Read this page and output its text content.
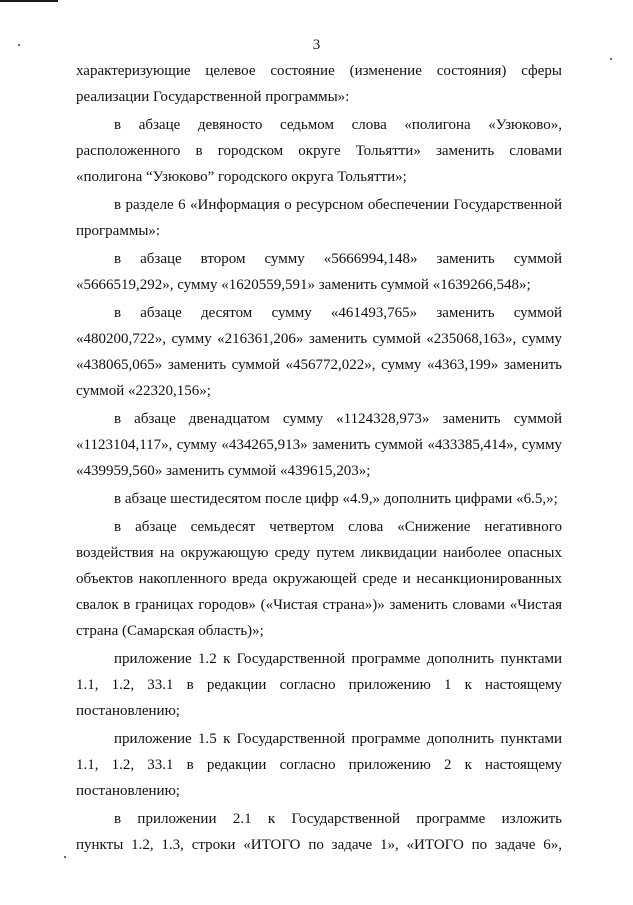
3

характеризующие целевое состояние (изменение состояния) сферы
реализации Государственной программы»:

в абзаце девяносто седьмом слова «полигона «Узюково»,
расположенного в городском округе Тольятти» заменить словами
«полигона “Узюково” городского округа Тольятти»;

в разделе 6 «Информация о ресурсном обеспечении Государственной
программы»:

в абзаце втором сумму «5666994,148» заменить суммой
«5666519,292», сумму «1620559,591» заменить суммой «1639266,548»;

в абзаце десятом сумму «461493,765» заменить суммой
«480200,722», сумму «216361,206» заменить суммой «235068,163», сумму
«438065,065» заменить суммой «456772,022», сумму «4363,199» заменить
суммой «22320,156»;

в абзаце двенадцатом сумму «1124328,973» заменить суммой
«1123104,117», сумму «434265,913» заменить суммой «433385,414», сумму
«439959,560» заменить суммой «439615,203»;

в абзаце шестидесятом после цифр «4.9,» дополнить цифрами «6.5,»;

в абзаце семьдесят четвертом слова «Снижение негативного
воздействия на окружающую среду путем ликвидации наиболее опасных
объектов накопленного вреда окружающей среде и несанкционированных
свалок в границах городов» («Чистая страна»)» заменить словами «Чистая
страна (Самарская область)»;

приложение 1.2 к Государственной программе дополнить пунктами
1.1, 1.2, 33.1 в редакции согласно приложению 1 к настоящему
постановлению;

приложение 1.5 к Государственной программе дополнить пунктами
1.1, 1.2, 33.1 в редакции согласно приложению 2 к настоящему
постановлению;

в приложении 2.1 к Государственной программе изложить
пункты 1.2, 1.3, строки «ИТОГО по задаче 1», «ИТОГО по задаче 6»,
